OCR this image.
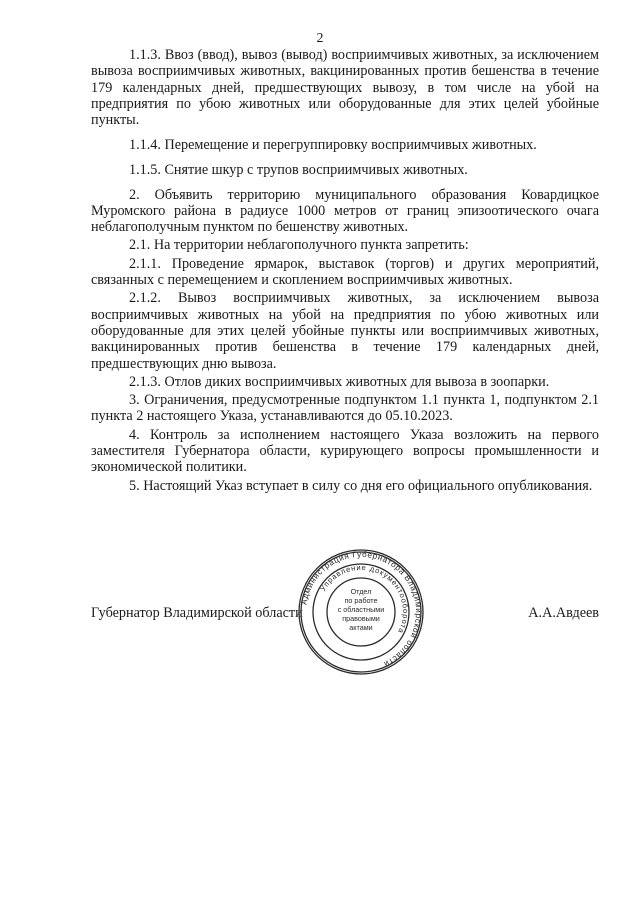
2

1.1.3. Ввоз (ввод), вывоз (вывод) восприимчивых животных, за исключением вывоза восприимчивых животных, вакцинированных против бешенства в течение 179 календарных дней, предшествующих вывозу, в том числе на убой на предприятия по убою животных или оборудованные для этих целей убойные пункты.

1.1.4. Перемещение и перегруппировку восприимчивых животных.

1.1.5. Снятие шкур с трупов восприимчивых животных.

2. Объявить территорию муниципального образования Ковардицкое Муромского района в радиусе 1000 метров от границ эпизоотического очага неблагополучным пунктом по бешенству животных.

2.1. На территории неблагополучного пункта запретить:

2.1.1. Проведение ярмарок, выставок (торгов) и других мероприятий, связанных с перемещением и скоплением восприимчивых животных.

2.1.2. Вывоз восприимчивых животных, за исключением вывоза восприимчивых животных на убой на предприятия по убою животных или оборудованные для этих целей убойные пункты или восприимчивых животных, вакцинированных против бешенства в течение 179 календарных дней, предшествующих дню вывоза.

2.1.3. Отлов диких восприимчивых животных для вывоза в зоопарки.

3. Ограничения, предусмотренные подпунктом 1.1 пункта 1, подпунктом 2.1 пункта 2 настоящего Указа, устанавливаются до 05.10.2023.

4. Контроль за исполнением настоящего Указа возложить на первого заместителя Губернатора области, курирующего вопросы промышленности и экономической политики.

5. Настоящий Указ вступает в силу со дня его официального опубликования.

Губернатор Владимирской области	А.А.Авдеев
Администрация Губернатора Владимирской области
Управление документооборота
Отдел
по работе
с областными
правовыми
актами
